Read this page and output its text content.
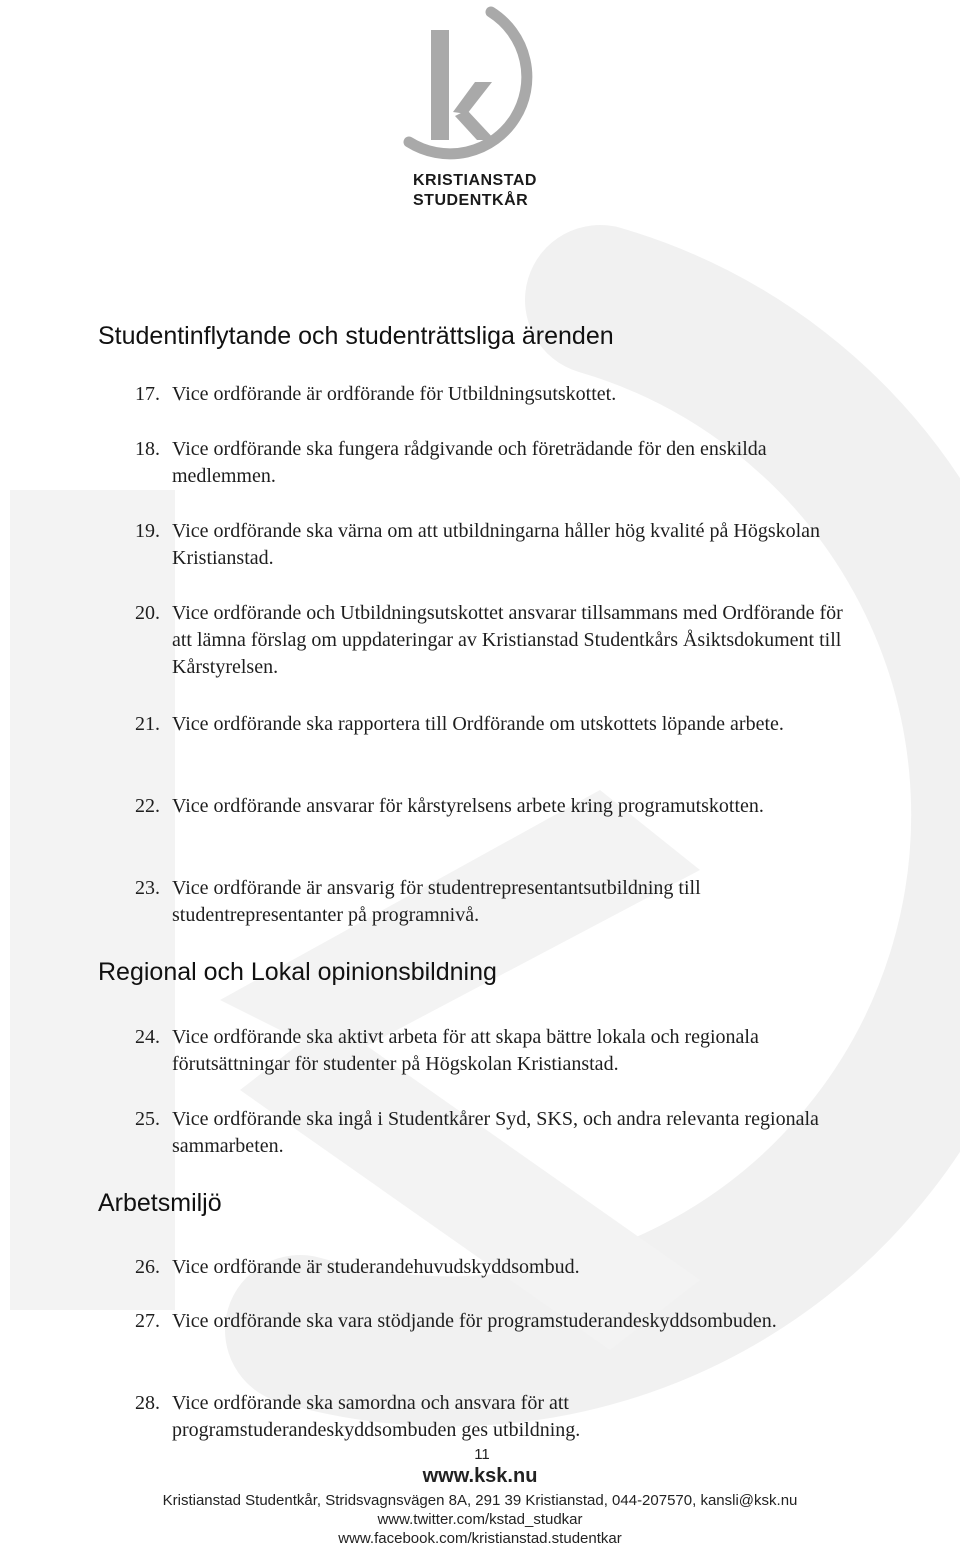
KRISTIANSTAD
STUDENTKÅR
Studentinflytande och studenträttsliga ärenden
17. Vice ordförande är ordförande för Utbildningsutskottet.
18. Vice ordförande ska fungera rådgivande och företrädande för den enskilda medlemmen.
19. Vice ordförande ska värna om att utbildningarna håller hög kvalité på Högskolan Kristianstad.
20. Vice ordförande och Utbildningsutskottet ansvarar tillsammans med Ordförande för att lämna förslag om uppdateringar av Kristianstad Studentkårs Åsiktsdokument till Kårstyrelsen.
21. Vice ordförande ska rapportera till Ordförande om utskottets löpande arbete.
22. Vice ordförande ansvarar för kårstyrelsens arbete kring programutskotten.
23. Vice ordförande är ansvarig för studentrepresentantsutbildning till studentrepresentanter på programnivå.
Regional och Lokal opinionsbildning
24. Vice ordförande ska aktivt arbeta för att skapa bättre lokala och regionala förutsättningar för studenter på Högskolan Kristianstad.
25. Vice ordförande ska ingå i Studentkårer Syd, SKS, och andra relevanta regionala sammarbeten.
Arbetsmiljö
26. Vice ordförande är studerandehuvudskyddsombud.
27. Vice ordförande ska vara stödjande för programstuderandeskyddsombuden.
28. Vice ordförande ska samordna och ansvara för att programstuderandeskyddsombuden ges utbildning.
11
www.ksk.nu
Kristianstad Studentkår, Stridsvagnsvägen 8A, 291 39 Kristianstad, 044-207570, kansli@ksk.nu
www.twitter.com/kstad_studkar
www.facebook.com/kristianstad.studentkar
